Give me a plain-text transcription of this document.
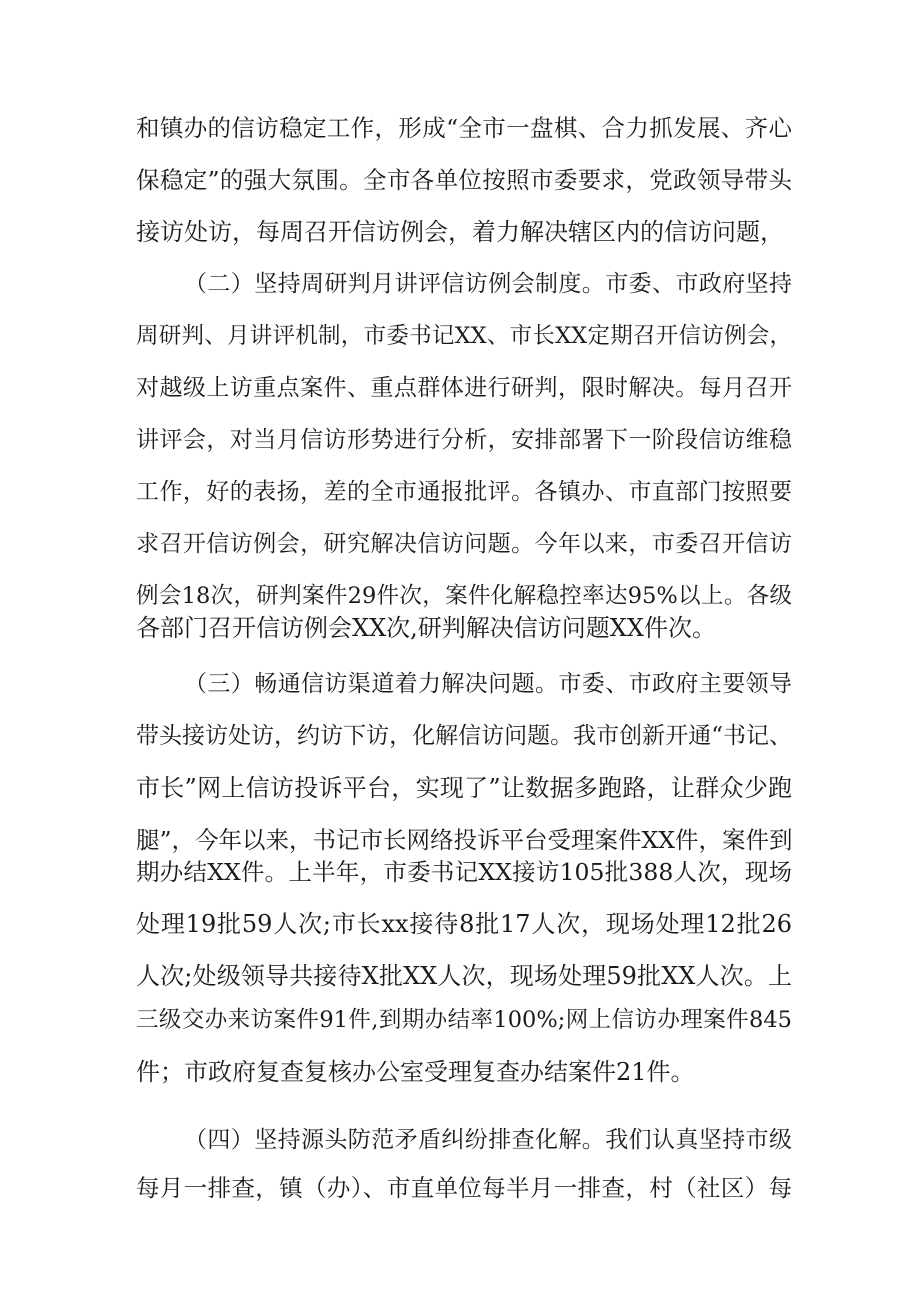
和镇办的信访稳定工作，形成“全市一盘棋、合力抓发展、齐心
保稳定”的强大氛围。全市各单位按照市委要求，党政领导带头
接访处访，每周召开信访例会，着力解决辖区内的信访问题，
（二）坚持周研判月讲评信访例会制度。市委、市政府坚持
周研判、月讲评机制，市委书记XX、市长XX定期召开信访例会，
对越级上访重点案件、重点群体进行研判，限时解决。每月召开
讲评会，对当月信访形势进行分析，安排部署下一阶段信访维稳
工作，好的表扬，差的全市通报批评。各镇办、市直部门按照要
求召开信访例会，研究解决信访问题。今年以来，市委召开信访
例会18次，研判案件29件次，案件化解稳控率达95%以上。各级
各部门召开信访例会XX次,研判解决信访问题XX件次。
（三）畅通信访渠道着力解决问题。市委、市政府主要领导
带头接访处访，约访下访，化解信访问题。我市创新开通“书记、
市长”网上信访投诉平台，实现了”让数据多跑路，让群众少跑
腿”，今年以来，书记市长网络投诉平台受理案件XX件，案件到
期办结XX件。上半年，市委书记XX接访105批388人次，现场
处理19批59人次;市长xx接待8批17人次，现场处理12批26
人次;处级领导共接待X批XX人次，现场处理59批XX人次。上
三级交办来访案件91件,到期办结率100%;网上信访办理案件845
件；市政府复查复核办公室受理复查办结案件21件。
（四）坚持源头防范矛盾纠纷排查化解。我们认真坚持市级
每月一排查，镇（办）、市直单位每半月一排查，村（社区）每
